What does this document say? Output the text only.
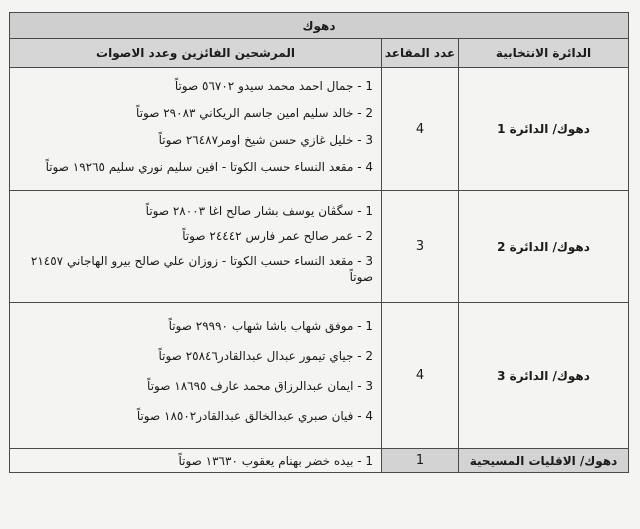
دهوك		
الدائرة الانتخابية	عدد المقاعد	المرشحين الفائزين وعدد الاصوات
دهوك/ الدائرة 1	4	1 - جمال احمد محمد سيدو ٥٦٧٠٢ صوتاً

2 - خالد سليم امين جاسم الريكاني ٢٩٠٨٣ صوتاً

3 - خليل غازي حسن شيخ اومر٢٦٤٨٧ صوتاً

4 - مقعد النساء حسب الكوتا - افين سليم نوري سليم ١٩٢٦٥ صوتاً

دهوك/ الدائرة 2	3	1 - سگڤان يوسف بشار صالح اغا ٢٨٠٠٣ صوتاً

2 - عمر صالح عمر فارس ٢٤٤٤٢ صوتاً

3 - مقعد النساء حسب الكوتا - زوزان علي صالح بيرو الهاجاني ٢١٤٥٧ صوتاً

دهوك/ الدائرة 3	4	1 - موفق شهاب باشا شهاب ٢٩٩٩٠ صوتاً

2 - جياي تيمور عبدال عبدالقادر٢٥٨٤٦ صوتاً

3 - ايمان عبدالرزاق محمد عارف ١٨٦٩٥ صوتاً

4 - فيان صبري عبدالخالق عبدالقادر١٨٥٠٢ صوتاً

دهوك/ الاقليات المسيحية	1	1 - بيده خضر بهنام يعقوب ١٣٦٣٠ صوتاً
